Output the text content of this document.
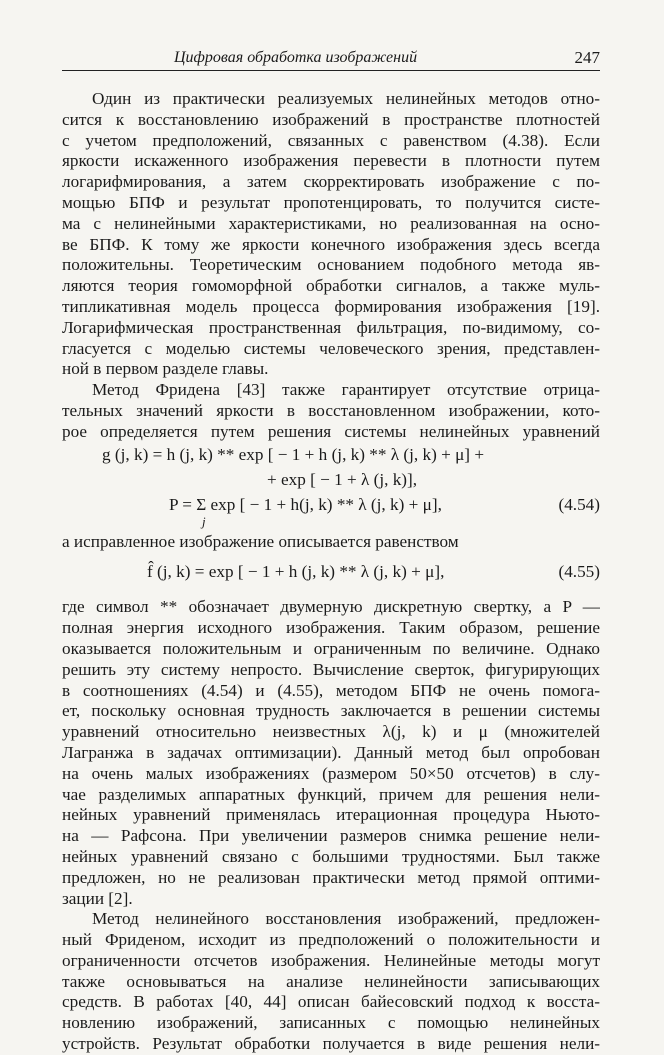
Цифровая обработка изображений	247
Один из практически реализуемых нелинейных методов отно-
сится к восстановлению изображений в пространстве плотностей
с учетом предположений, связанных с равенством (4.38). Если
яркости искаженного изображения перевести в плотности путем
логарифмирования, а затем скорректировать изображение с по-
мощью БПФ и результат пропотенцировать, то получится систе-
ма с нелинейными характеристиками, но реализованная на осно-
ве БПФ. К тому же яркости конечного изображения здесь всегда
положительны. Теоретическим основанием подобного метода яв-
ляются теория гомоморфной обработки сигналов, а также муль-
типликативная модель процесса формирования изображения [19].
Логарифмическая пространственная фильтрация, по-видимому, со-
гласуется с моделью системы человеческого зрения, представлен-
ной в первом разделе главы.
Метод Фридена [43] также гарантирует отсутствие отрица-
тельных значений яркости в восстановленном изображении, кото-
рое определяется путем решения системы нелинейных уравнений
g (j, k) = h (j, k) ** exp [ − 1 + h (j, k) ** λ (j, k) + μ] +
+ exp [ − 1 + λ (j, k)],
P = Σ exp [ − 1 + h(j, k) ** λ (j, k) + μ],	(4.54)
j
а исправленное изображение описывается равенством
f̂ (j, k) = exp [ − 1 + h (j, k) ** λ (j, k) + μ],	(4.55)
где символ ** обозначает двумерную дискретную свертку, а P —
полная энергия исходного изображения. Таким образом, решение
оказывается положительным и ограниченным по величине. Однако
решить эту систему непросто. Вычисление сверток, фигурирующих
в соотношениях (4.54) и (4.55), методом БПФ не очень помога-
ет, поскольку основная трудность заключается в решении системы
уравнений относительно неизвестных λ(j, k) и μ (множителей
Лагранжа в задачах оптимизации). Данный метод был опробован
на очень малых изображениях (размером 50×50 отсчетов) в слу-
чае разделимых аппаратных функций, причем для решения нели-
нейных уравнений применялась итерационная процедура Ньюто-
на — Рафсона. При увеличении размеров снимка решение нели-
нейных уравнений связано с большими трудностями. Был также
предложен, но не реализован практически метод прямой оптими-
зации [2].
Метод нелинейного восстановления изображений, предложен-
ный Фриденом, исходит из предположений о положительности и
ограниченности отсчетов изображения. Нелинейные методы могут
также основываться на анализе нелинейности записывающих
средств. В работах [40, 44] описан байесовский подход к восста-
новлению изображений, записанных с помощью нелинейных
устройств. Результат обработки получается в виде решения нели-
